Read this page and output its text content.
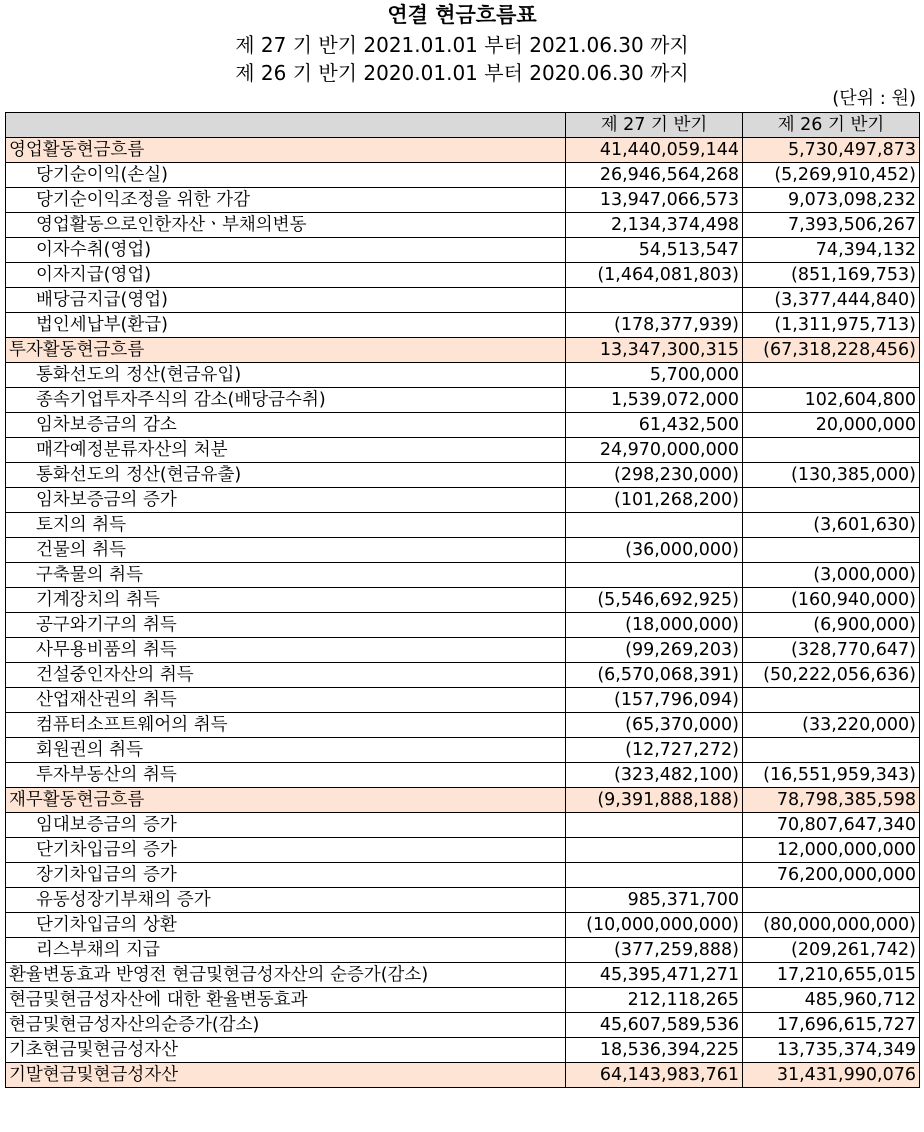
연결 현금흐름표
제 27 기 반기 2021.01.01 부터 2021.06.30 까지
제 26 기 반기 2020.01.01 부터 2020.06.30 까지
(단위 : 원)
	제 27 기 반기	제 26 기 반기
영업활동현금흐름	41,440,059,144	5,730,497,873
당기순이익(손실)	26,946,564,268	(5,269,910,452)
당기순이익조정을 위한 가감	13,947,066,573	9,073,098,232
영업활동으로인한자산ㆍ부채의변동	2,134,374,498	7,393,506,267
이자수취(영업)	54,513,547	74,394,132
이자지급(영업)	(1,464,081,803)	(851,169,753)
배당금지급(영업)		(3,377,444,840)
법인세납부(환급)	(178,377,939)	(1,311,975,713)
투자활동현금흐름	13,347,300,315	(67,318,228,456)
통화선도의 정산(현금유입)	5,700,000	
종속기업투자주식의 감소(배당금수취)	1,539,072,000	102,604,800
임차보증금의 감소	61,432,500	20,000,000
매각예정분류자산의 처분	24,970,000,000	
통화선도의 정산(현금유출)	(298,230,000)	(130,385,000)
임차보증금의 증가	(101,268,200)	
토지의 취득		(3,601,630)
건물의 취득	(36,000,000)	
구축물의 취득		(3,000,000)
기계장치의 취득	(5,546,692,925)	(160,940,000)
공구와기구의 취득	(18,000,000)	(6,900,000)
사무용비품의 취득	(99,269,203)	(328,770,647)
건설중인자산의 취득	(6,570,068,391)	(50,222,056,636)
산업재산권의 취득	(157,796,094)	
컴퓨터소프트웨어의 취득	(65,370,000)	(33,220,000)
회원권의 취득	(12,727,272)	
투자부동산의 취득	(323,482,100)	(16,551,959,343)
재무활동현금흐름	(9,391,888,188)	78,798,385,598
임대보증금의 증가		70,807,647,340
단기차입금의 증가		12,000,000,000
장기차입금의 증가		76,200,000,000
유동성장기부채의 증가	985,371,700	
단기차입금의 상환	(10,000,000,000)	(80,000,000,000)
리스부채의 지급	(377,259,888)	(209,261,742)
환율변동효과 반영전 현금및현금성자산의 순증가(감소)	45,395,471,271	17,210,655,015
현금및현금성자산에 대한 환율변동효과	212,118,265	485,960,712
현금및현금성자산의순증가(감소)	45,607,589,536	17,696,615,727
기초현금및현금성자산	18,536,394,225	13,735,374,349
기말현금및현금성자산	64,143,983,761	31,431,990,076
